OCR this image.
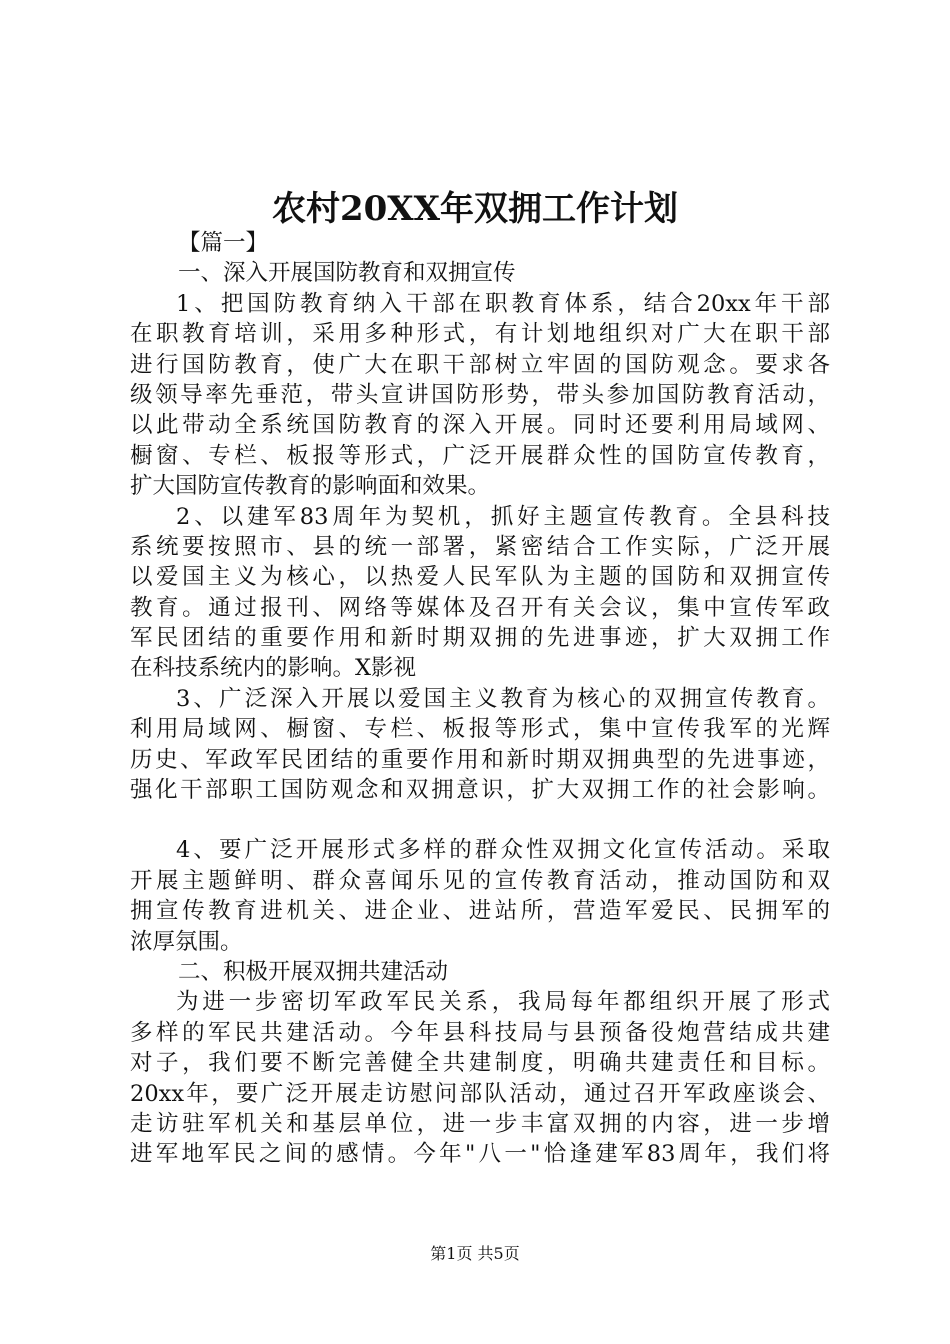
农村20XX年双拥工作计划
【篇一】
一、深入开展国防教育和双拥宣传
1、把国防教育纳入干部在职教育体系，结合20xx年干部
在职教育培训，采用多种形式，有计划地组织对广大在职干部
进行国防教育，使广大在职干部树立牢固的国防观念。要求各
级领导率先垂范，带头宣讲国防形势，带头参加国防教育活动，
以此带动全系统国防教育的深入开展。同时还要利用局域网、
橱窗、专栏、板报等形式，广泛开展群众性的国防宣传教育，
扩大国防宣传教育的影响面和效果。
2、以建军83周年为契机，抓好主题宣传教育。全县科技
系统要按照市、县的统一部署，紧密结合工作实际，广泛开展
以爱国主义为核心，以热爱人民军队为主题的国防和双拥宣传
教育。通过报刊、网络等媒体及召开有关会议，集中宣传军政
军民团结的重要作用和新时期双拥的先进事迹，扩大双拥工作
在科技系统内的影响。X影视
3、广泛深入开展以爱国主义教育为核心的双拥宣传教育。
利用局域网、橱窗、专栏、板报等形式，集中宣传我军的光辉
历史、军政军民团结的重要作用和新时期双拥典型的先进事迹，
强化干部职工国防观念和双拥意识，扩大双拥工作的社会影响。
4、要广泛开展形式多样的群众性双拥文化宣传活动。采取
开展主题鲜明、群众喜闻乐见的宣传教育活动，推动国防和双
拥宣传教育进机关、进企业、进站所，营造军爱民、民拥军的
浓厚氛围。
二、积极开展双拥共建活动
为进一步密切军政军民关系，我局每年都组织开展了形式
多样的军民共建活动。今年县科技局与县预备役炮营结成共建
对子，我们要不断完善健全共建制度，明确共建责任和目标。
20xx年，要广泛开展走访慰问部队活动，通过召开军政座谈会、
走访驻军机关和基层单位，进一步丰富双拥的内容，进一步增
进军地军民之间的感情。今年"八一"恰逢建军83周年，我们将
第1页 共5页
